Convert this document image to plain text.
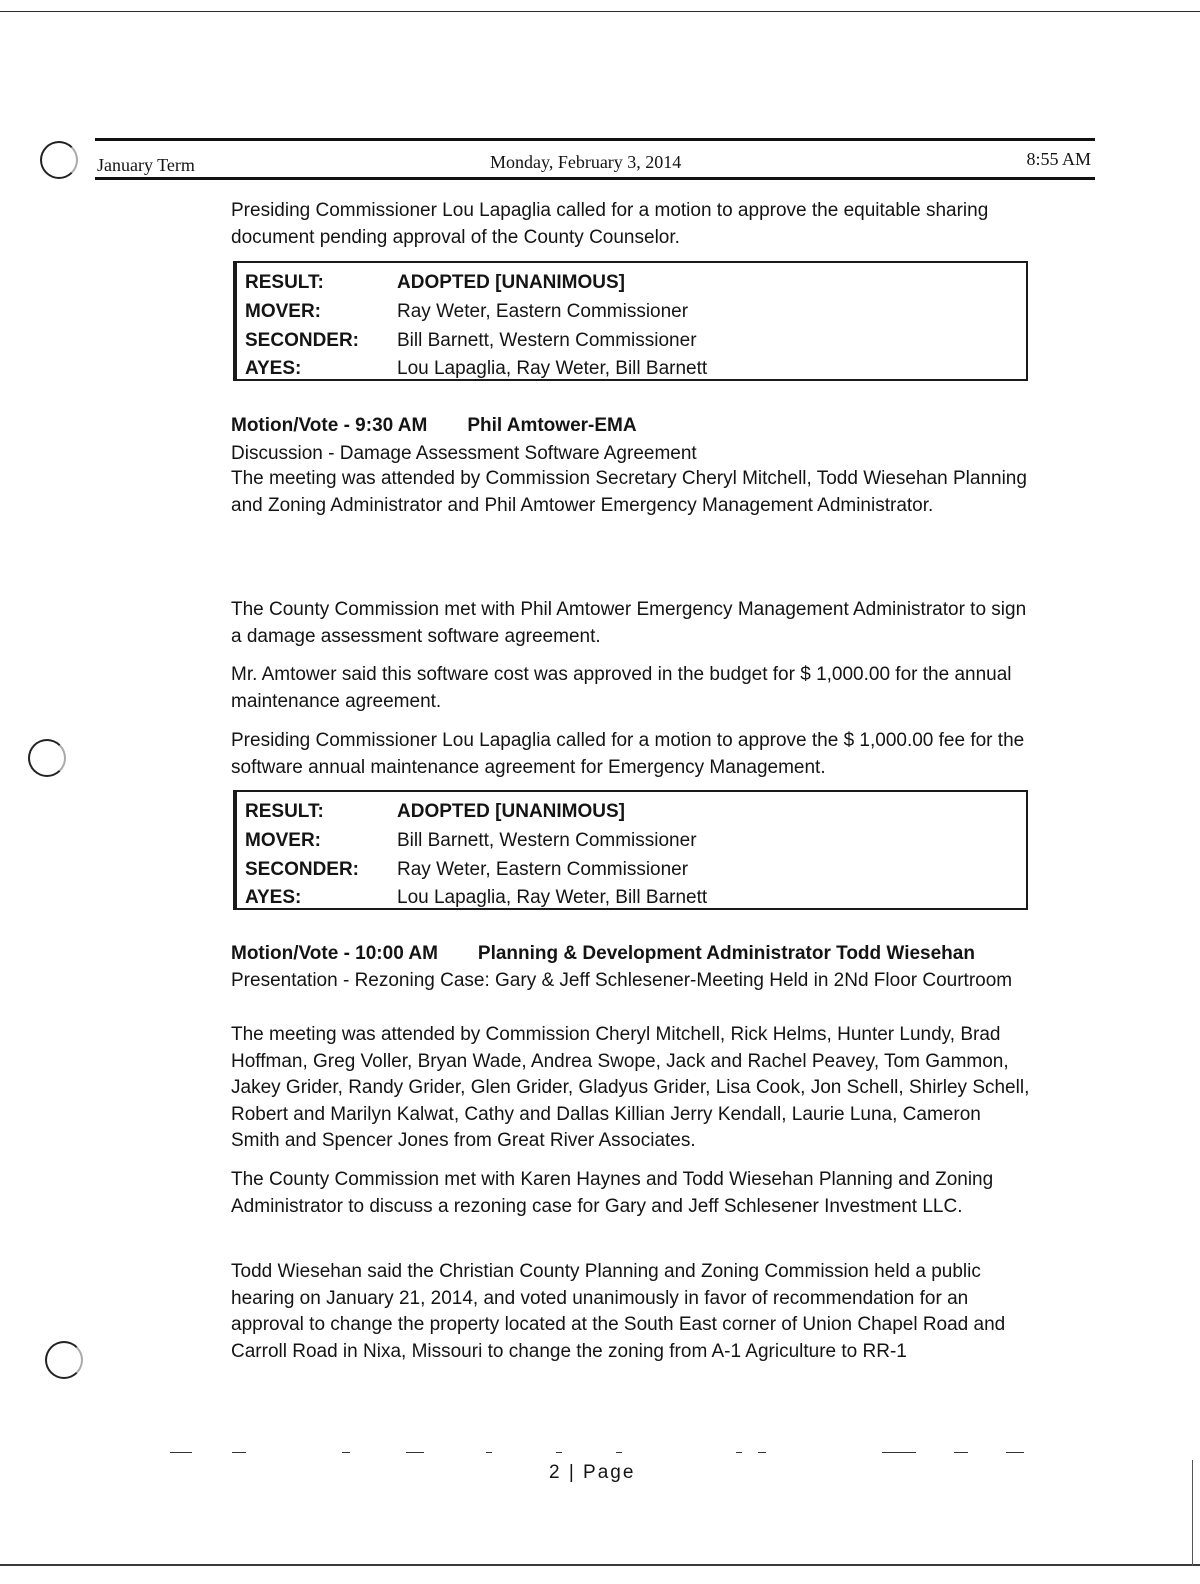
January Term	Monday, February 3, 2014	8:55 AM

Presiding Commissioner Lou Lapaglia called for a motion to approve the equitable sharing document pending approval of the County Counselor.

RESULT:	ADOPTED [UNANIMOUS]
MOVER:	Ray Weter, Eastern Commissioner
SECONDER: Bill Barnett, Western Commissioner
AYES:	Lou Lapaglia, Ray Weter, Bill Barnett
Motion/Vote - 9:30 AM Phil Amtower-EMA

Discussion - Damage Assessment Software Agreement

The meeting was attended by Commission Secretary Cheryl Mitchell, Todd Wiesehan Planning and Zoning Administrator and Phil Amtower Emergency Management Administrator.

The County Commission met with Phil Amtower Emergency Management Administrator to sign a damage assessment software agreement.

Mr. Amtower said this software cost was approved in the budget for $ 1,000.00 for the annual maintenance agreement.

Presiding Commissioner Lou Lapaglia called for a motion to approve the $ 1,000.00 fee for the software annual maintenance agreement for Emergency Management.

RESULT:	ADOPTED [UNANIMOUS]
MOVER:	Bill Barnett, Western Commissioner
SECONDER: Ray Weter, Eastern Commissioner
AYES:	Lou Lapaglia, Ray Weter, Bill Barnett
Motion/Vote - 10:00 AM Planning & Development Administrator Todd Wiesehan

Presentation - Rezoning Case: Gary & Jeff Schlesener-Meeting Held in 2Nd Floor Courtroom

The meeting was attended by Commission Cheryl Mitchell, Rick Helms, Hunter Lundy, Brad Hoffman, Greg Voller, Bryan Wade, Andrea Swope, Jack and Rachel Peavey, Tom Gammon, Jakey Grider, Randy Grider, Glen Grider, Gladyus Grider, Lisa Cook, Jon Schell, Shirley Schell, Robert and Marilyn Kalwat, Cathy and Dallas Killian Jerry Kendall, Laurie Luna, Cameron Smith and Spencer Jones from Great River Associates.

The County Commission met with Karen Haynes and Todd Wiesehan Planning and Zoning Administrator to discuss a rezoning case for Gary and Jeff Schlesener Investment LLC.

Todd Wiesehan said the Christian County Planning and Zoning Commission held a public hearing on January 21, 2014, and voted unanimously in favor of recommendation for an approval to change the property located at the South East corner of Union Chapel Road and Carroll Road in Nixa, Missouri to change the zoning from A-1 Agriculture to RR-1

2 | Page
